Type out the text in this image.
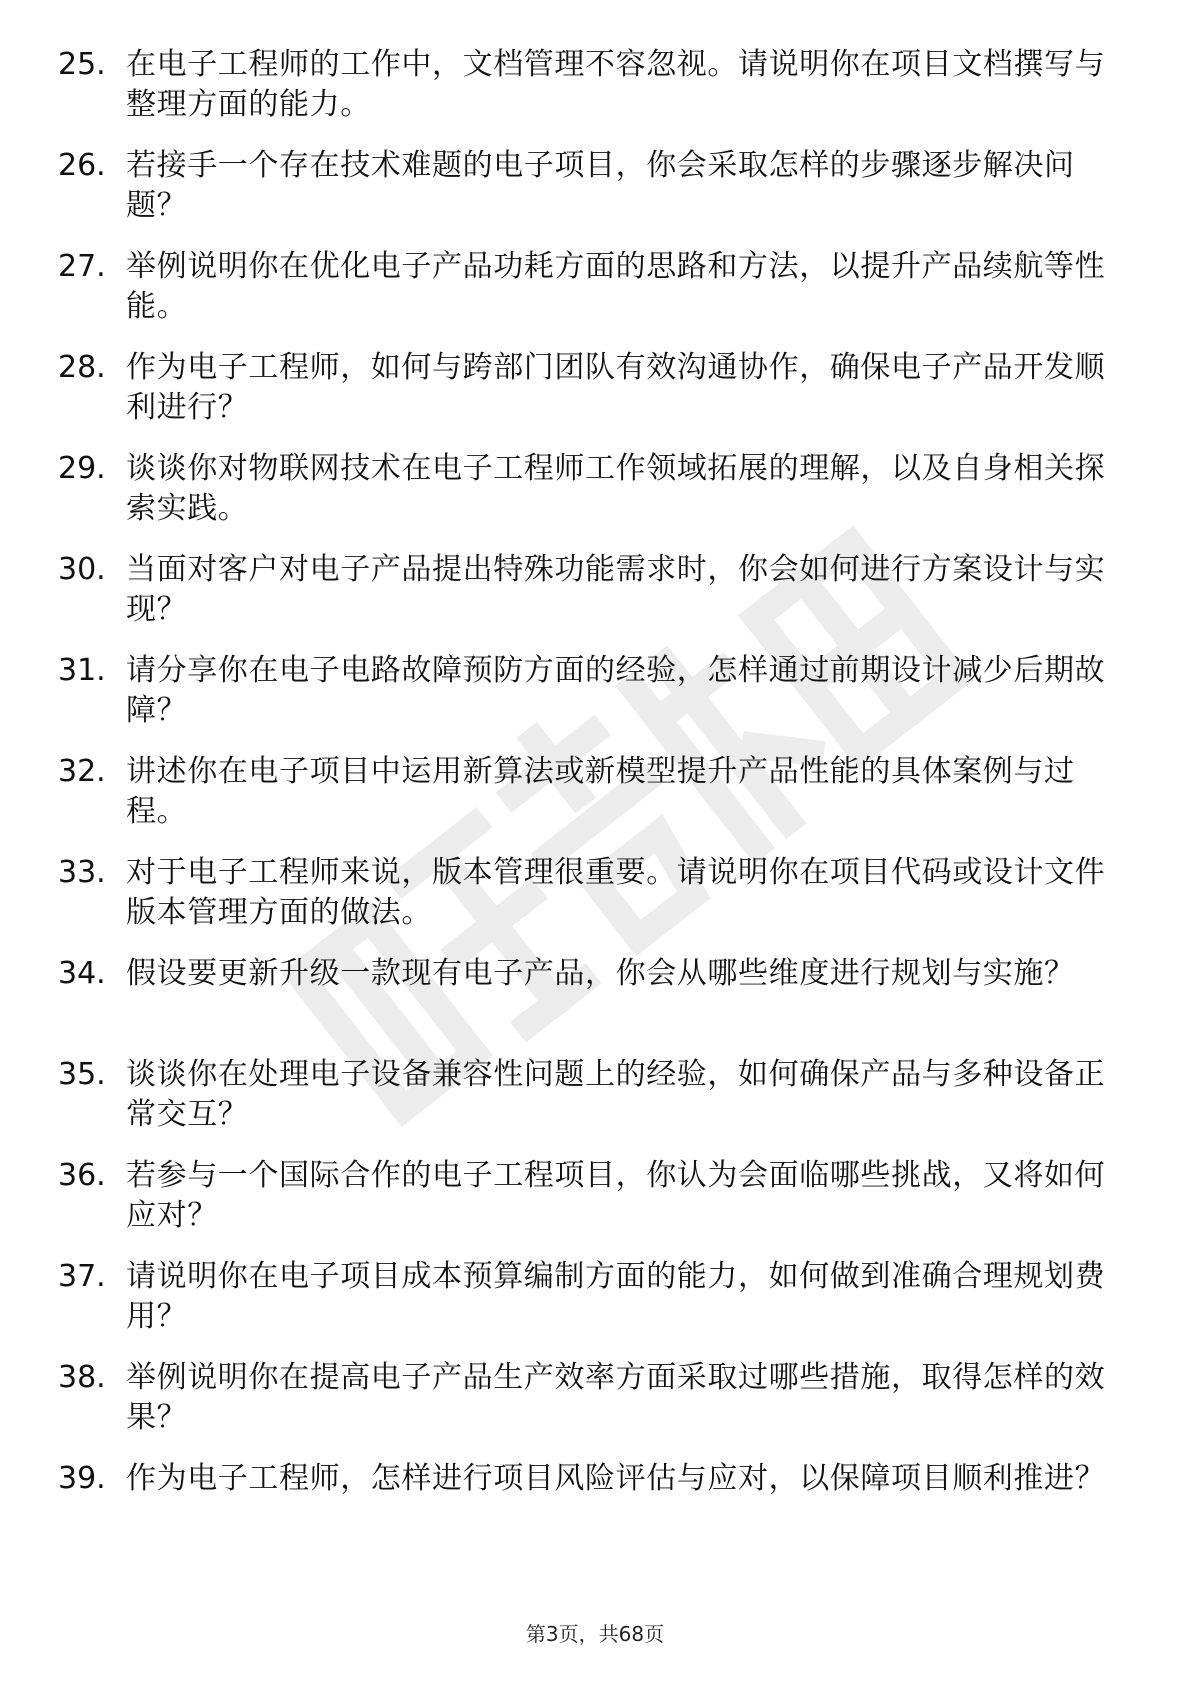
25. 在电子工程师的工作中，文档管理不容忽视。请说明你在项目文档撰写与整理方面的能力。
26. 若接手一个存在技术难题的电子项目，你会采取怎样的步骤逐步解决问题？
27. 举例说明你在优化电子产品功耗方面的思路和方法，以提升产品续航等性能。
28. 作为电子工程师，如何与跨部门团队有效沟通协作，确保电子产品开发顺利进行？
29. 谈谈你对物联网技术在电子工程师工作领域拓展的理解，以及自身相关探索实践。
30. 当面对客户对电子产品提出特殊功能需求时，你会如何进行方案设计与实现？
31. 请分享你在电子电路故障预防方面的经验，怎样通过前期设计减少后期故障？
32. 讲述你在电子项目中运用新算法或新模型提升产品性能的具体案例与过程。
33. 对于电子工程师来说，版本管理很重要。请说明你在项目代码或设计文件版本管理方面的做法。
34. 假设要更新升级一款现有电子产品，你会从哪些维度进行规划与实施？
35. 谈谈你在处理电子设备兼容性问题上的经验，如何确保产品与多种设备正常交互？
36. 若参与一个国际合作的电子工程项目，你认为会面临哪些挑战，又将如何应对？
37. 请说明你在电子项目成本预算编制方面的能力，如何做到准确合理规划费用？
38. 举例说明你在提高电子产品生产效率方面采取过哪些措施，取得怎样的效果？
39. 作为电子工程师，怎样进行项目风险评估与应对，以保障项目顺利推进？
第3页，共68页
